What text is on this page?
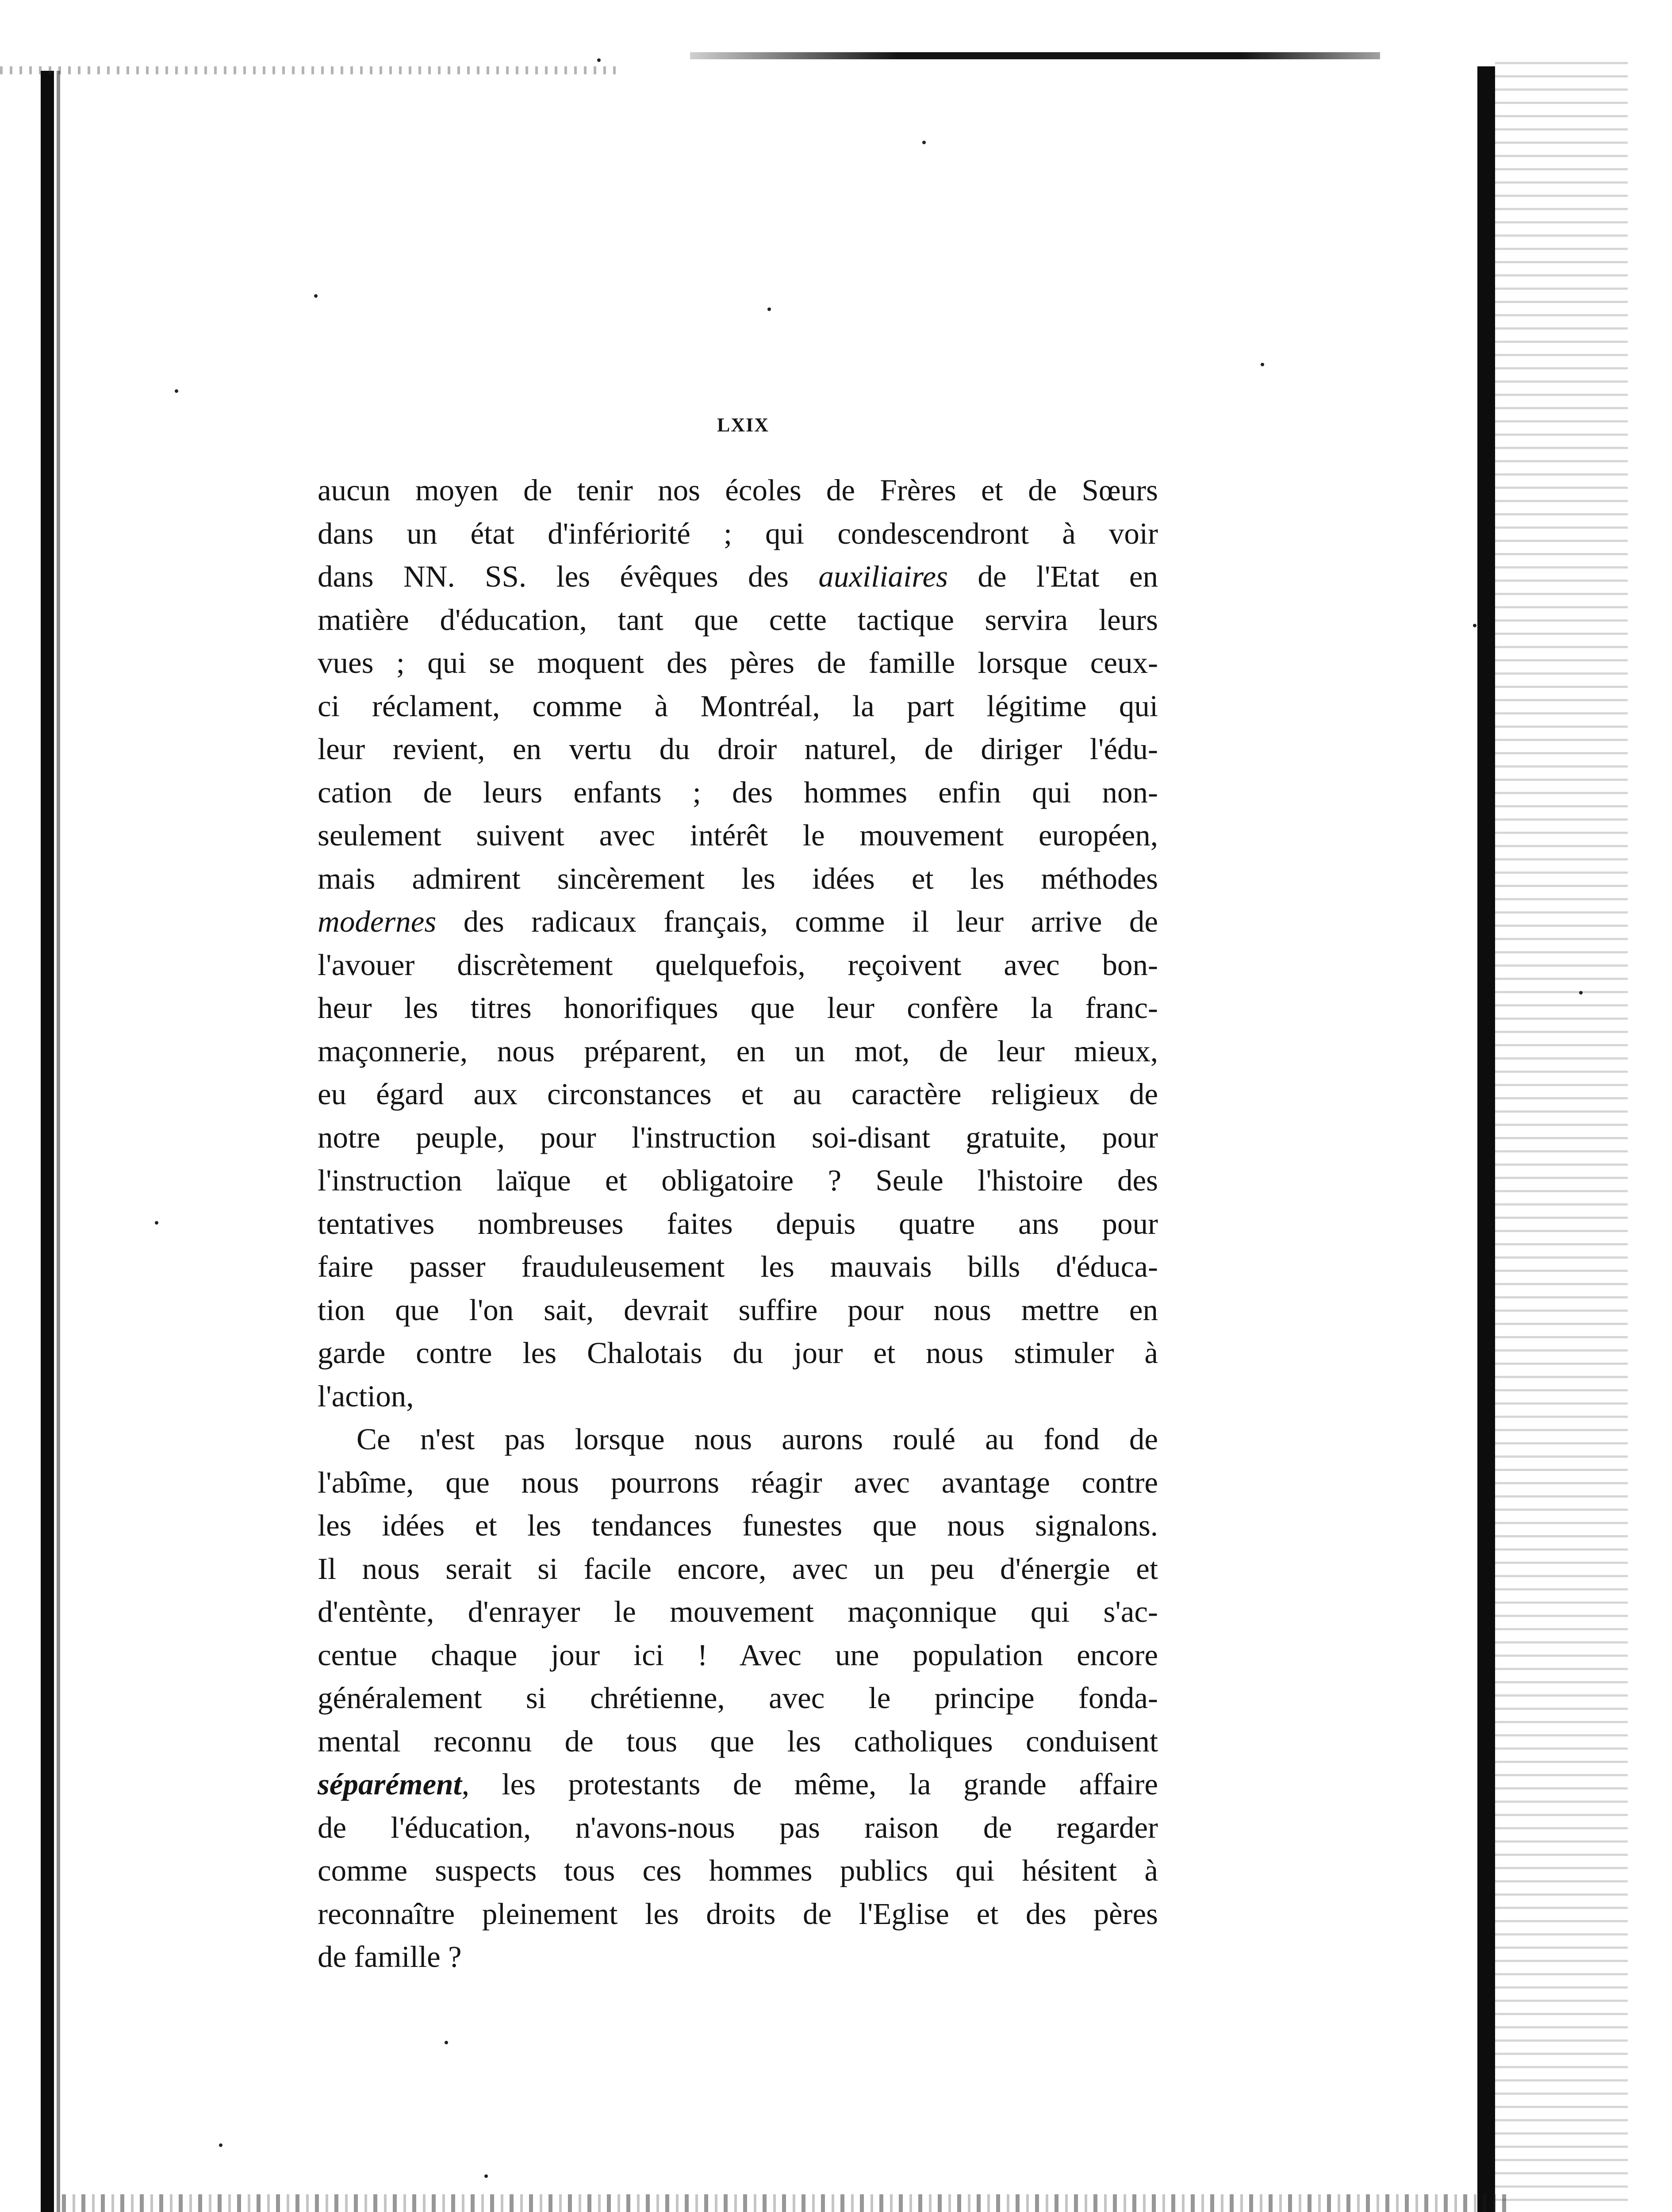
LXIX
aucun moyen de tenir nos écoles de Frères et de Sœurs
dans un état d'infériorité ; qui condescendront à voir
dans NN. SS. les évêques des auxiliaires de l'Etat en
matière d'éducation, tant que cette tactique servira leurs
vues ; qui se moquent des pères de famille lorsque ceux-
ci réclament, comme à Montréal, la part légitime qui
leur revient, en vertu du droir naturel, de diriger l'édu-
cation de leurs enfants ; des hommes enfin qui non-
seulement suivent avec intérêt le mouvement européen,
mais admirent sincèrement les idées et les méthodes
modernes des radicaux français, comme il leur arrive de
l'avouer discrètement quelquefois, reçoivent avec bon-
heur les titres honorifiques que leur confère la franc-
maçonnerie, nous préparent, en un mot, de leur mieux,
eu égard aux circonstances et au caractère religieux de
notre peuple, pour l'instruction soi-disant gratuite, pour
l'instruction laïque et obligatoire ? Seule l'histoire des
tentatives nombreuses faites depuis quatre ans pour
faire passer frauduleusement les mauvais bills d'éduca-
tion que l'on sait, devrait suffire pour nous mettre en
garde contre les Chalotais du jour et nous stimuler à
l'action,
Ce n'est pas lorsque nous aurons roulé au fond de
l'abîme, que nous pourrons réagir avec avantage contre
les idées et les tendances funestes que nous signalons.
Il nous serait si facile encore, avec un peu d'énergie et
d'entènte, d'enrayer le mouvement maçonnique qui s'ac-
centue chaque jour ici ! Avec une population encore
généralement si chrétienne, avec le principe fonda-
mental reconnu de tous que les catholiques conduisent
séparément, les protestants de même, la grande affaire
de l'éducation, n'avons-nous pas raison de regarder
comme suspects tous ces hommes publics qui hésitent à
reconnaître pleinement les droits de l'Eglise et des pères
de famille ?
